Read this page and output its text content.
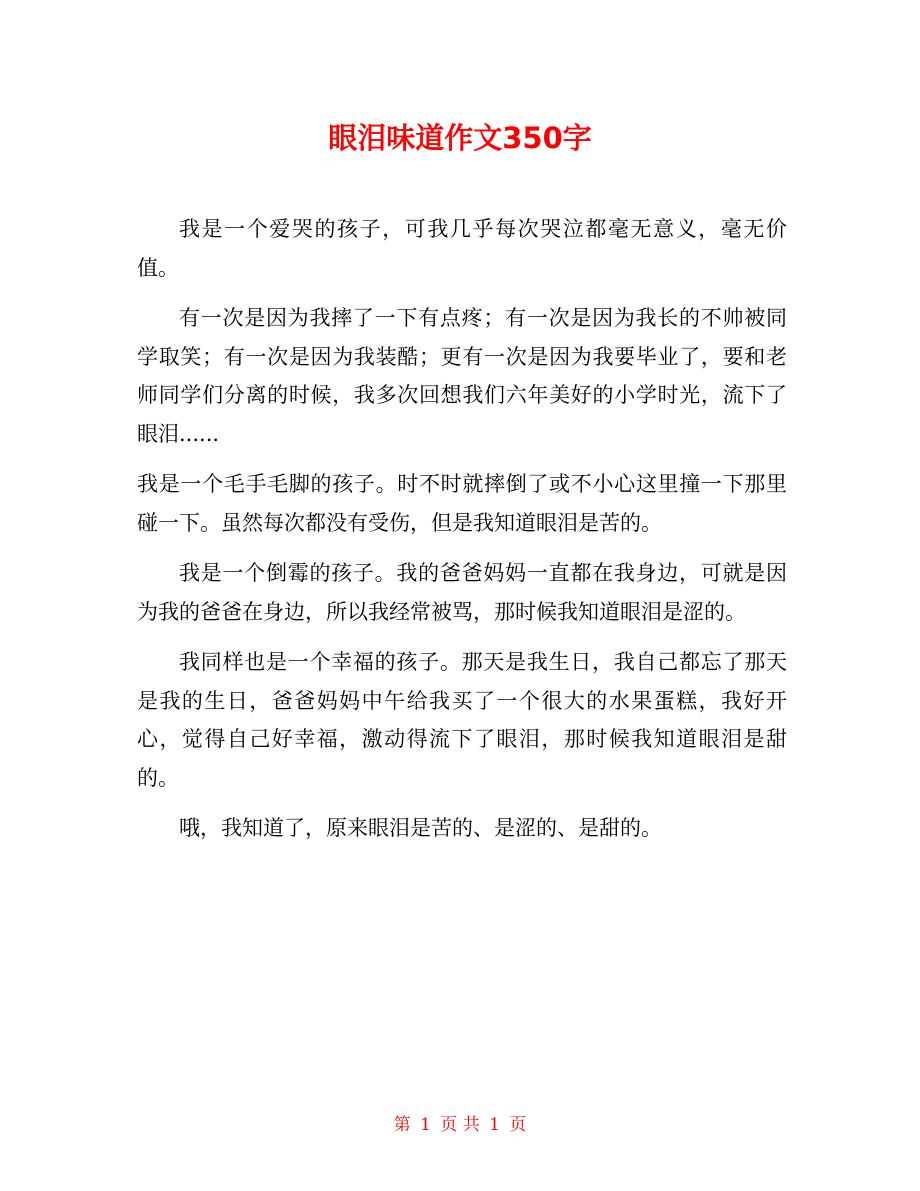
眼泪味道作文350字

我是一个爱哭的孩子，可我几乎每次哭泣都毫无意义，毫无价值。

有一次是因为我摔了一下有点疼；有一次是因为我长的不帅被同学取笑；有一次是因为我装酷；更有一次是因为我要毕业了，要和老师同学们分离的时候，我多次回想我们六年美好的小学时光，流下了眼泪......

我是一个毛手毛脚的孩子。时不时就摔倒了或不小心这里撞一下那里碰一下。虽然每次都没有受伤，但是我知道眼泪是苦的。

我是一个倒霉的孩子。我的爸爸妈妈一直都在我身边，可就是因为我的爸爸在身边，所以我经常被骂，那时候我知道眼泪是涩的。

我同样也是一个幸福的孩子。那天是我生日，我自己都忘了那天是我的生日，爸爸妈妈中午给我买了一个很大的水果蛋糕，我好开心，觉得自己好幸福，激动得流下了眼泪，那时候我知道眼泪是甜的。

哦，我知道了，原来眼泪是苦的、是涩的、是甜的。

第 1 页 共 1 页
